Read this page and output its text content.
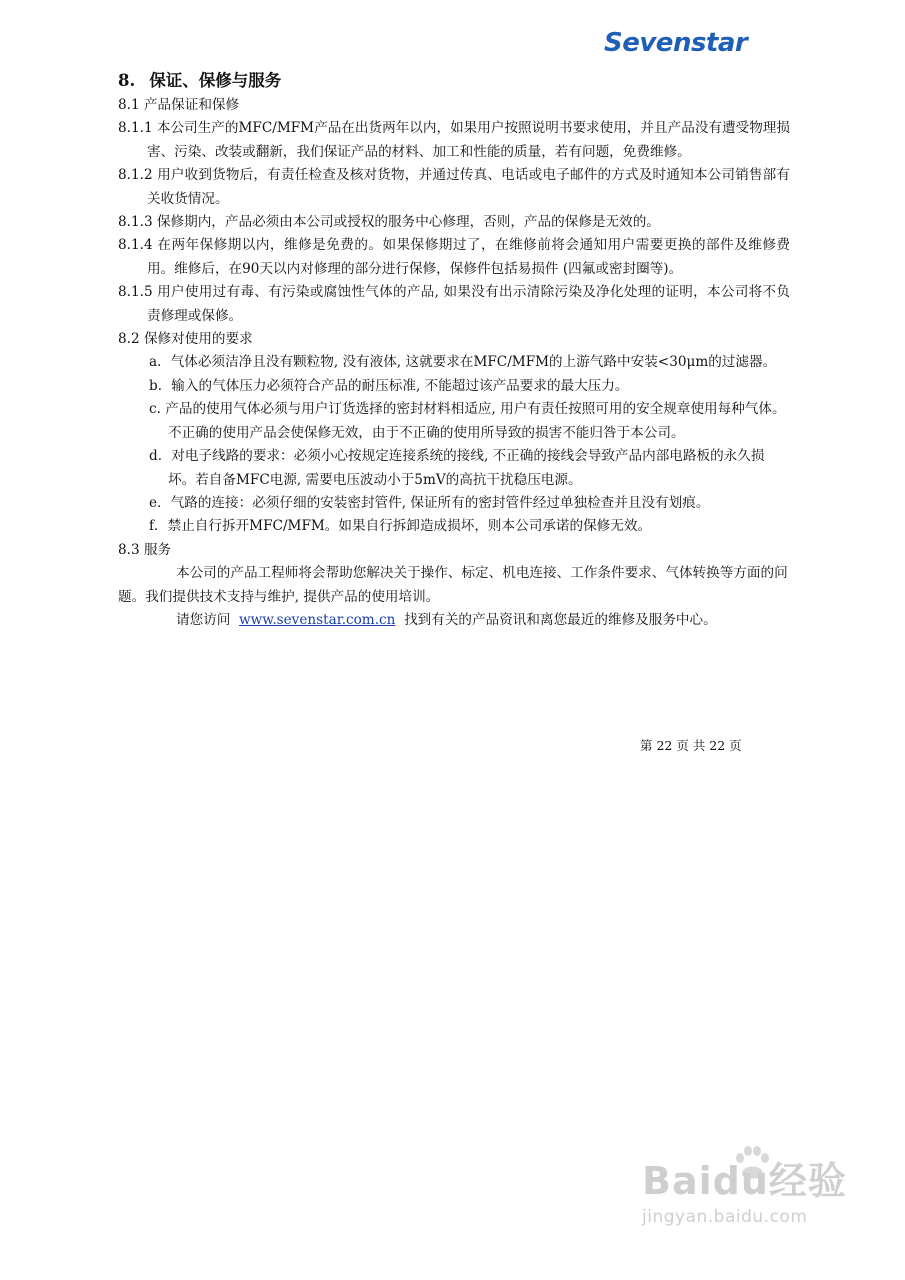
Sevenstar
8. 保证、保修与服务
8.1 产品保证和保修
8.1.1 本公司生产的MFC/MFM产品在出货两年以内，如果用户按照说明书要求使用，并且产品没有遭受物理损害、污染、改装或翻新，我们保证产品的材料、加工和性能的质量，若有问题，免费维修。
8.1.2 用户收到货物后，有责任检查及核对货物，并通过传真、电话或电子邮件的方式及时通知本公司销售部有关收货情况。
8.1.3 保修期内，产品必须由本公司或授权的服务中心修理，否则，产品的保修是无效的。
8.1.4 在两年保修期以内，维修是免费的。如果保修期过了，在维修前将会通知用户需要更换的部件及维修费用。维修后，在90天以内对修理的部分进行保修，保修件包括易损件 (四氟或密封圈等)。
8.1.5 用户使用过有毒、有污染或腐蚀性气体的产品, 如果没有出示清除污染及净化处理的证明，本公司将不负责修理或保修。
8.2 保修对使用的要求
a．气体必须洁净且没有颗粒物, 没有液体, 这就要求在MFC/MFM的上游气路中安装<30μm的过滤器。
b．输入的气体压力必须符合产品的耐压标准, 不能超过该产品要求的最大压力。
c. 产品的使用气体必须与用户订货选择的密封材料相适应, 用户有责任按照可用的安全规章使用每种气体。不正确的使用产品会使保修无效，由于不正确的使用所导致的损害不能归咎于本公司。
d．对电子线路的要求：必须小心按规定连接系统的接线, 不正确的接线会导致产品内部电路板的永久损坏。若自备MFC电源, 需要电压波动小于5mV的高抗干扰稳压电源。
e．气路的连接：必须仔细的安装密封管件, 保证所有的密封管件经过单独检查并且没有划痕。
f．禁止自行拆开MFC/MFM。如果自行拆卸造成损坏，则本公司承诺的保修无效。
8.3 服务
本公司的产品工程师将会帮助您解决关于操作、标定、机电连接、工作条件要求、气体转换等方面的问题。我们提供技术支持与维护, 提供产品的使用培训。
请您访问 www.sevenstar.com.cn 找到有关的产品资讯和离您最近的维修及服务中心。
第 22 页 共 22 页
Baidu经验
jingyan.baidu.com
